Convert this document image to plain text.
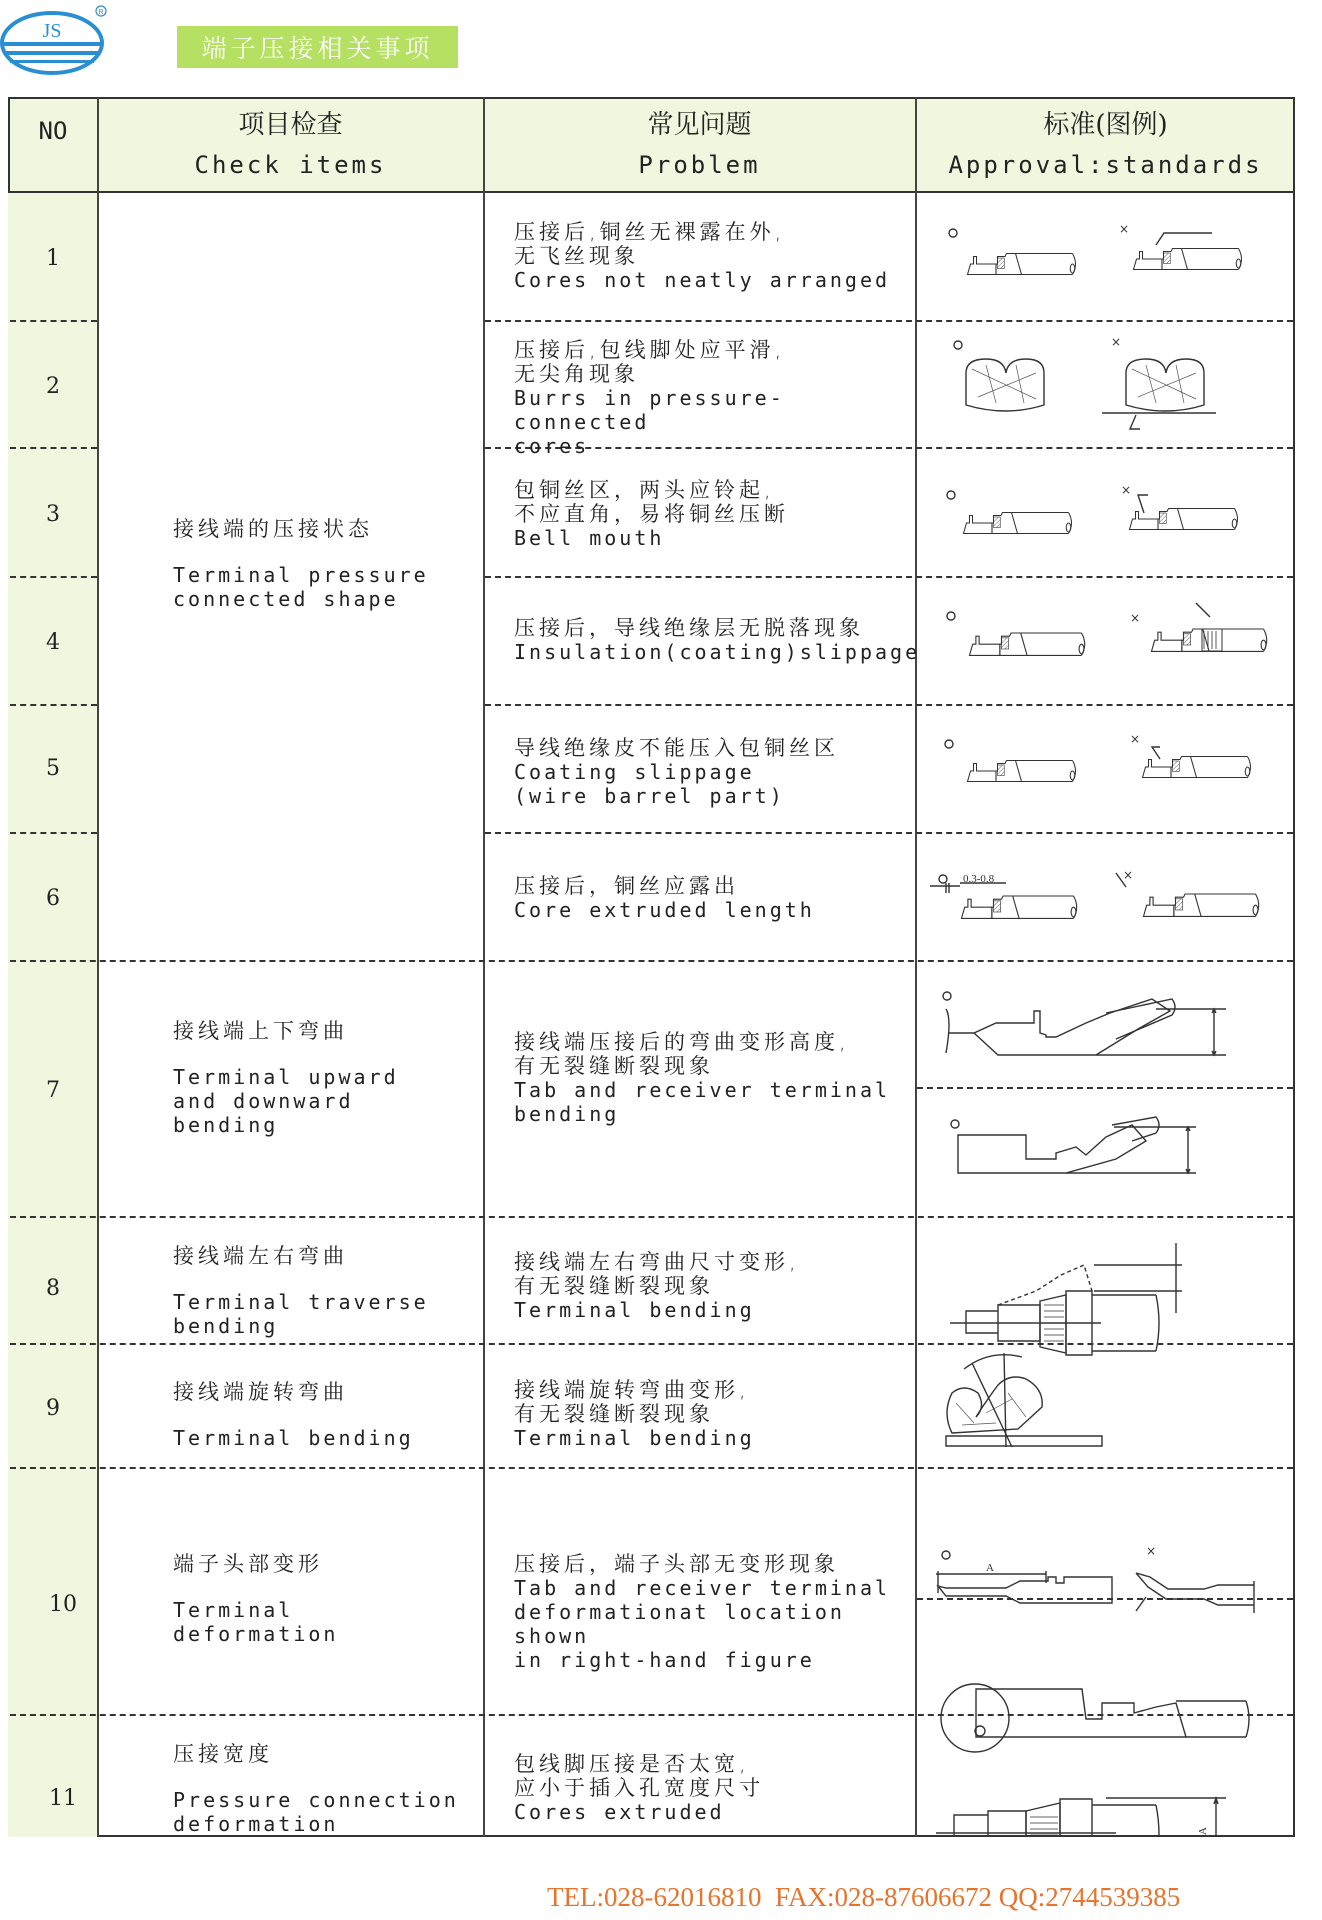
JS
R
端子压接相关事项
NO	项目检查
Check items
常见问题
Problem
标准(图例)
Approval:standards
1
2
3
4
5
6
7
8
9
10
11
接线端的压接状态
Terminal pressure
connected shape
接线端上下弯曲
Terminal upward
and downward
bending
接线端左右弯曲
Terminal traverse
bending
接线端旋转弯曲
Terminal bending
端子头部变形
Terminal
deformation
压接宽度
Pressure connection
deformation
压接后,铜丝无裸露在外,
无飞丝现象
Cores not neatly arranged
压接后,包线脚处应平滑,
无尖角现象
Burrs in pressure-connected
cores
包铜丝区，两头应铃起,
不应直角，易将铜丝压断
Bell mouth
压接后，导线绝缘层无脱落现象
Insulation(coating)slippage
导线绝缘皮不能压入包铜丝区
Coating slippage
(wire barrel part)
压接后，铜丝应露出
Core extruded length
接线端压接后的弯曲变形高度,
有无裂缝断裂现象
Tab and receiver terminal
bending
接线端左右弯曲尺寸变形,
有无裂缝断裂现象
Terminal bending
接线端旋转弯曲变形,
有无裂缝断裂现象
Terminal bending
压接后，端子头部无变形现象
Tab and receiver terminal
deformationat location shown
in right-hand figure
包线脚压接是否太宽,
应小于插入孔宽度尺寸
Cores extruded
×
×
×
×
×
0.3-0.8	×
A
×
A
TEL:028-62016810 FAX:028-87606672 QQ:2744539385
